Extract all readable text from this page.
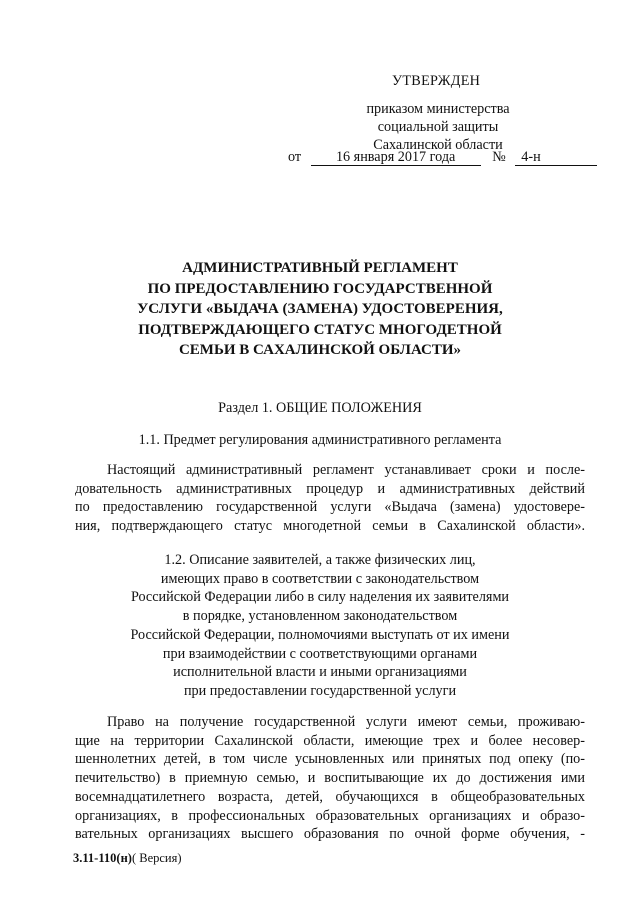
УТВЕРЖДЕН
приказом министерства
социальной защиты
Сахалинской области
от 16 января 2017 года	№ 4-н
АДМИНИСТРАТИВНЫЙ РЕГЛАМЕНТ
ПО ПРЕДОСТАВЛЕНИЮ ГОСУДАРСТВЕННОЙ
УСЛУГИ «ВЫДАЧА (ЗАМЕНА) УДОСТОВЕРЕНИЯ,
ПОДТВЕРЖДАЮЩЕГО СТАТУС МНОГОДЕТНОЙ
СЕМЬИ В САХАЛИНСКОЙ ОБЛАСТИ»
Раздел 1. ОБЩИЕ ПОЛОЖЕНИЯ
1.1. Предмет регулирования административного регламента
Настоящий административный регламент устанавливает сроки и после-
довательность административных процедур и административных действий
по предоставлению государственной услуги «Выдача (замена) удостовере-
ния, подтверждающего статус многодетной семьи в Сахалинской области».
1.2. Описание заявителей, а также физических лиц,
имеющих право в соответствии с законодательством
Российской Федерации либо в силу наделения их заявителями
в порядке, установленном законодательством
Российской Федерации, полномочиями выступать от их имени
при взаимодействии с соответствующими органами
исполнительной власти и иными организациями
при предоставлении государственной услуги
Право на получение государственной услуги имеют семьи, проживаю-
щие на территории Сахалинской области, имеющие трех и более несовер-
шеннолетних детей, в том числе усыновленных или принятых под опеку (по-
печительство) в приемную семью, и воспитывающие их до достижения ими
восемнадцатилетнего возраста, детей, обучающихся в общеобразовательных
организациях, в профессиональных образовательных организациях и образо-
вательных организациях высшего образования по очной форме обучения, -
3.11-110(н)( Версия)
